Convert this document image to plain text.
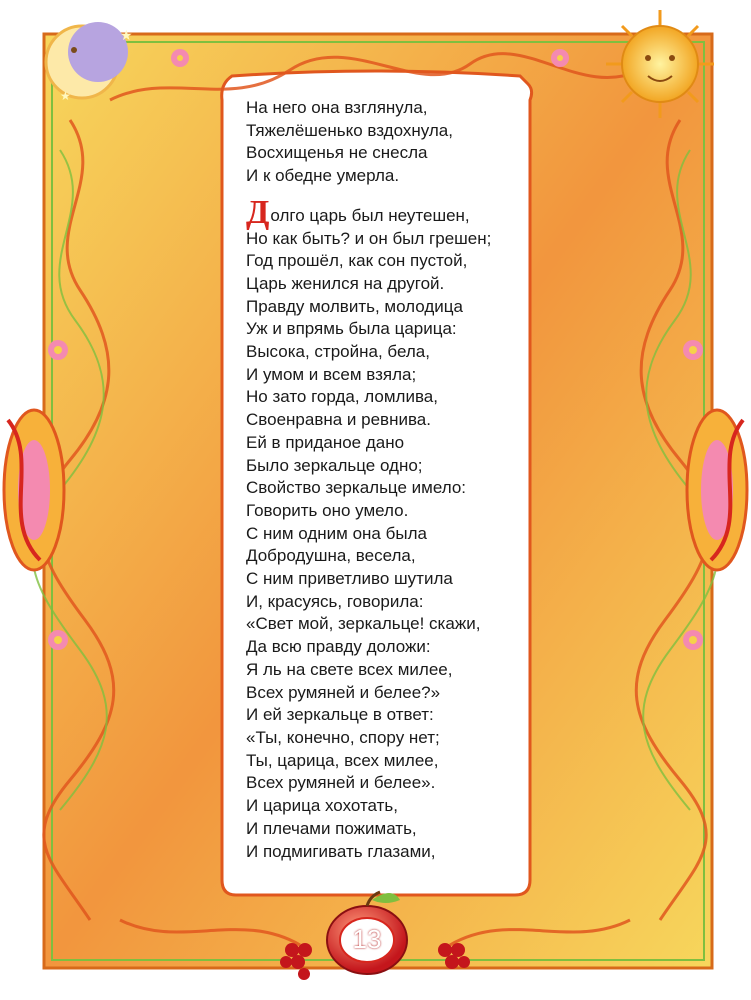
★
★
На него она взглянула,
Тяжелёшенько вздохнула,
Восхищенья не снесла
И к обедне умерла.
Долго царь был неутешен,
Но как быть? и он был грешен;
Год прошёл, как сон пустой,
Царь женился на другой.
Правду молвить, молодица
Уж и впрямь была царица:
Высока, стройна, бела,
И умом и всем взяла;
Но зато горда, ломлива,
Своенравна и ревнива.
Ей в приданое дано
Было зеркальце одно;
Свойство зеркальце имело:
Говорить оно умело.
С ним одним она была
Добродушна, весела,
С ним приветливо шутила
И, красуясь, говорила:
«Свет мой, зеркальце! скажи,
Да всю правду доложи:
Я ль на свете всех милее,
Всех румяней и белее?»
И ей зеркальце в ответ:
«Ты, конечно, спору нет;
Ты, царица, всех милее,
Всех румяней и белее».
И царица хохотать,
И плечами пожимать,
И подмигивать глазами,
13
